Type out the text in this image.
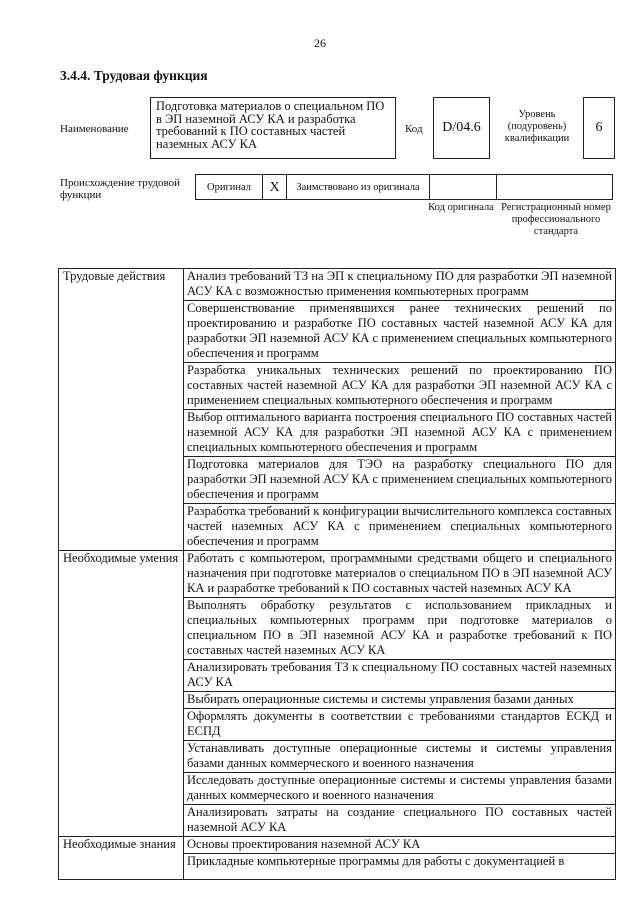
26
3.4.4. Трудовая функция
Наименование
Подготовка материалов о специальном ПО в ЭП наземной АСУ КА и разработка требований к ПО составных частей наземных АСУ КА
Код	D/04.6
Уровень (подуровень) квалификации
6
Происхождение трудовой функции
Оригинал	X	Заимствовано из оригинала		
Код оригинала Регистрационный номер профессионального стандарта
Трудовые действия	Анализ требований ТЗ на ЭП к специальному ПО для разработки ЭП наземной АСУ КА с возможностью применения компьютерных программ
	Совершенствование применявшихся ранее технических решений по проектированию и разработке ПО составных частей наземной АСУ КА для разработки ЭП наземной АСУ КА с применением специальных компьютерного обеспечения и программ
	Разработка уникальных технических решений по проектированию ПО составных частей наземной АСУ КА для разработки ЭП наземной АСУ КА с применением специальных компьютерного обеспечения и программ
	Выбор оптимального варианта построения специального ПО составных частей наземной АСУ КА для разработки ЭП наземной АСУ КА с применением специальных компьютерного обеспечения и программ
	Подготовка материалов для ТЭО на разработку специального ПО для разработки ЭП наземной АСУ КА с применением специальных компьютерного обеспечения и программ
	Разработка требований к конфигурации вычислительного комплекса составных частей наземных АСУ КА с применением специальных компьютерного обеспечения и программ
Необходимые умения	Работать с компьютером, программными средствами общего и специального назначения при подготовке материалов о специальном ПО в ЭП наземной АСУ КА и разработке требований к ПО составных частей наземных АСУ КА
	Выполнять обработку результатов с использованием прикладных и специальных компьютерных программ при подготовке материалов о специальном ПО в ЭП наземной АСУ КА и разработке требований к ПО составных частей наземных АСУ КА
	Анализировать требования ТЗ к специальному ПО составных частей наземных АСУ КА
	Выбирать операционные системы и системы управления базами данных
	Оформлять документы в соответствии с требованиями стандартов ЕСКД и ЕСПД
	Устанавливать доступные операционные системы и системы управления базами данных коммерческого и военного назначения
	Исследовать доступные операционные системы и системы управления базами данных коммерческого и военного назначения
	Анализировать затраты на создание специального ПО составных частей наземной АСУ КА
Необходимые знания	Основы проектирования наземной АСУ КА
	Прикладные компьютерные программы для работы с документацией в
